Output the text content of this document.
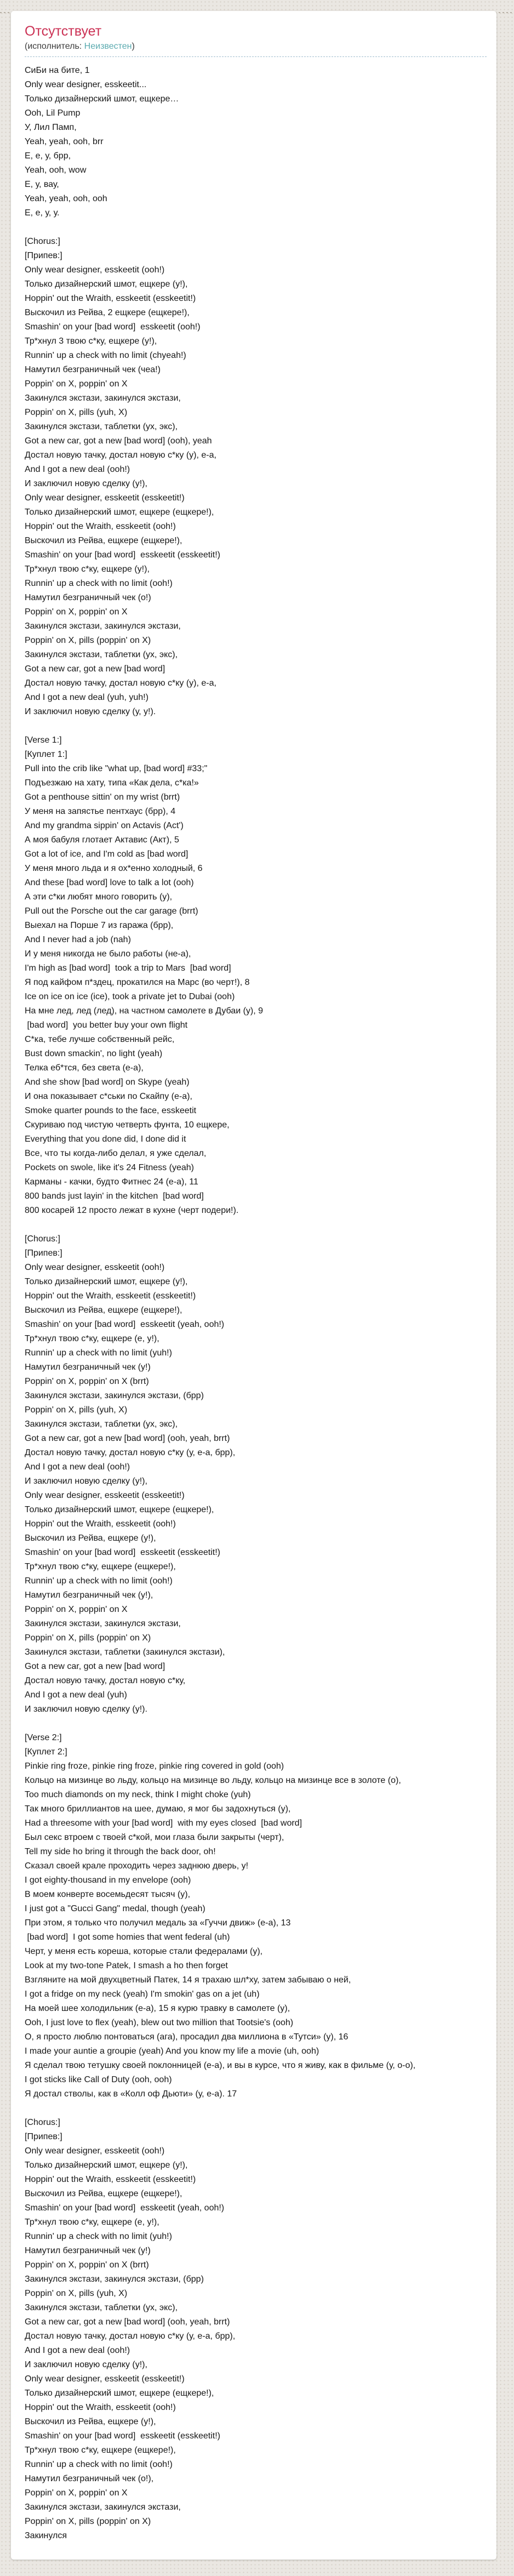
Отсутствует
(исполнитель: Неизвестен)
СиБи на бите, 1
Only wear designer, esskeetit...
Только дизайнерский шмот, ещкере…
Ooh, Lil Pump
У, Лил Памп,
Yeah, yeah, ooh, brr
Е, е, у, брр,
Yeah, ooh, wow
Е, у, вау,
Yeah, yeah, ooh, ooh
Е, е, у, у.
[Chorus:]
[Припев:]
Only wear designer, esskeetit (ooh!)
Только дизайнерский шмот, ещкере (у!),
Hoppin' out the Wraith, esskeetit (esskeetit!)
Выскочил из Рейва, 2 ещкере (ещкере!),
Smashin' on your [bad word]  esskeetit (ooh!)
Тр*хнул 3 твою с*ку, ещкере (у!),
Runnin' up a check with no limit (chyeah!)
Намутил безграничный чек (чеа!)
Poppin' on X, poppin' on X
Закинулся экстази, закинулся экстази,
Poppin' on X, pills (yuh, X)
Закинулся экстази, таблетки (ух, экс),
Got a new car, got a new [bad word] (ooh), yeah
Достал новую тачку, достал новую с*ку (у), е-а,
And I got a new deal (ooh!)
И заключил новую сделку (у!),
Only wear designer, esskeetit (esskeetit!)
Только дизайнерский шмот, ещкере (ещкере!),
Hoppin' out the Wraith, esskeetit (ooh!)
Выскочил из Рейва, ещкере (ещкере!),
Smashin' on your [bad word]  esskeetit (esskeetit!)
Тр*хнул твою с*ку, ещкере (у!),
Runnin' up a check with no limit (ooh!)
Намутил безграничный чек (о!)
Poppin' on X, poppin' on X
Закинулся экстази, закинулся экстази,
Poppin' on X, pills (poppin' on X)
Закинулся экстази, таблетки (ух, экс),
Got a new car, got a new [bad word]
Достал новую тачку, достал новую с*ку (у), е-а,
And I got a new deal (yuh, yuh!)
И заключил новую сделку (у, у!).
[Verse 1:]
[Куплет 1:]
Pull into the crib like "what up, [bad word] #33;"
Подъезжаю на хату, типа «Как дела, с*ка!»
Got a penthouse sittin' on my wrist (brrt)
У меня на запястье пентхаус (брр), 4
And my grandma sippin' on Actavis (Act')
А моя бабуля глотает Актавис (Акт), 5
Got a lot of ice, and I'm cold as [bad word]
У меня много льда и я ох*енно холодный, 6
And these [bad word] love to talk a lot (ooh)
А эти с*ки любят много говорить (у),
Pull out the Porsche out the car garage (brrt)
Выехал на Порше 7 из гаража (брр),
And I never had a job (nah)
И у меня никогда не было работы (не-а),
I'm high as [bad word]  took a trip to Mars  [bad word]
Я под кайфом п*здец, прокатился на Марс (во черт!), 8
Ice on ice on ice (ice), took a private jet to Dubai (ooh)
На мне лед, лед (лед), на частном самолете в Дубаи (у), 9
[bad word]  you better buy your own flight
С*ка, тебе лучше собственный рейс,
Bust down smackin', no light (yeah)
Телка еб*тся, без света (е-а),
And she show [bad word] on Skype (yeah)
И она показывает с*ськи по Скайпу (е-а),
Smoke quarter pounds to the face, esskeetit
Скуриваю под чистую четверть фунта, 10 ещкере,
Everything that you done did, I done did it
Все, что ты когда-либо делал, я уже сделал,
Pockets on swole, like it's 24 Fitness (yeah)
Карманы - качки, будто Фитнес 24 (е-а), 11
800 bands just layin' in the kitchen  [bad word]
800 косарей 12 просто лежат в кухне (черт подери!).
[Chorus:]
[Припев:]
Only wear designer, esskeetit (ooh!)
Только дизайнерский шмот, ещкере (у!),
Hoppin' out the Wraith, esskeetit (esskeetit!)
Выскочил из Рейва, ещкере (ещкере!),
Smashin' on your [bad word]  esskeetit (yeah, ooh!)
Тр*хнул твою с*ку, ещкере (е, у!),
Runnin' up a check with no limit (yuh!)
Намутил безграничный чек (у!)
Poppin' on X, poppin' on X (brrt)
Закинулся экстази, закинулся экстази, (брр)
Poppin' on X, pills (yuh, X)
Закинулся экстази, таблетки (ух, экс),
Got a new car, got a new [bad word] (ooh, yeah, brrt)
Достал новую тачку, достал новую с*ку (у, е-а, брр),
And I got a new deal (ooh!)
И заключил новую сделку (у!),
Only wear designer, esskeetit (esskeetit!)
Только дизайнерский шмот, ещкере (ещкере!),
Hoppin' out the Wraith, esskeetit (ooh!)
Выскочил из Рейва, ещкере (у!),
Smashin' on your [bad word]  esskeetit (esskeetit!)
Тр*хнул твою с*ку, ещкере (ещкере!),
Runnin' up a check with no limit (ooh!)
Намутил безграничный чек (у!),
Poppin' on X, poppin' on X
Закинулся экстази, закинулся экстази,
Poppin' on X, pills (poppin' on X)
Закинулся экстази, таблетки (закинулся экстази),
Got a new car, got a new [bad word]
Достал новую тачку, достал новую с*ку,
And I got a new deal (yuh)
И заключил новую сделку (у!).
[Verse 2:]
[Куплет 2:]
Pinkie ring froze, pinkie ring froze, pinkie ring covered in gold (ooh)
Кольцо на мизинце во льду, кольцо на мизинце во льду, кольцо на мизинце все в золоте (о),
Too much diamonds on my neck, think I might choke (yuh)
Так много бриллиантов на шее, думаю, я мог бы задохнуться (у),
Had a threesome with your [bad word]  with my eyes closed  [bad word]
Был секс втроем с твоей с*кой, мои глаза были закрыты (черт),
Tell my side ho bring it through the back door, oh!
Сказал своей крале проходить через заднюю дверь, у!
I got eighty-thousand in my envelope (ooh)
В моем конверте восемьдесят тысяч (у),
I just got a "Gucci Gang" medal, though (yeah)
При этом, я только что получил медаль за «Гуччи движ» (е-а), 13
[bad word]  I got some homies that went federal (uh)
Черт, у меня есть кореша, которые стали федералами (у),
Look at my two-tone Patek, I smash a ho then forget
Взгляните на мой двухцветный Патек, 14 я трахаю шл*ху, затем забываю о ней,
I got a fridge on my neck (yeah) I'm smokin' gas on a jet (uh)
На моей шее холодильник (е-а), 15 я курю травку в самолете (у),
Ooh, I just love to flex (yeah), blew out two million that Tootsie's (ooh)
О, я просто люблю понтоваться (ага), просадил два миллиона в «Тутси» (у), 16
I made your auntie a groupie (yeah) And you know my life a movie (uh, ooh)
Я сделал твою тетушку своей поклонницей (е-а), и вы в курсе, что я живу, как в фильме (у, о-о),
I got sticks like Call of Duty (ooh, ooh)
Я достал стволы, как в «Колл оф Дьюти» (у, е-а). 17
[Chorus:]
[Припев:]
Only wear designer, esskeetit (ooh!)
Только дизайнерский шмот, ещкере (у!),
Hoppin' out the Wraith, esskeetit (esskeetit!)
Выскочил из Рейва, ещкере (ещкере!),
Smashin' on your [bad word]  esskeetit (yeah, ooh!)
Тр*хнул твою с*ку, ещкере (е, у!),
Runnin' up a check with no limit (yuh!)
Намутил безграничный чек (у!)
Poppin' on X, poppin' on X (brrt)
Закинулся экстази, закинулся экстази, (брр)
Poppin' on X, pills (yuh, X)
Закинулся экстази, таблетки (ух, экс),
Got a new car, got a new [bad word] (ooh, yeah, brrt)
Достал новую тачку, достал новую с*ку (у, е-а, брр),
And I got a new deal (ooh!)
И заключил новую сделку (у!),
Only wear designer, esskeetit (esskeetit!)
Только дизайнерский шмот, ещкере (ещкере!),
Hoppin' out the Wraith, esskeetit (ooh!)
Выскочил из Рейва, ещкере (у!),
Smashin' on your [bad word]  esskeetit (esskeetit!)
Тр*хнул твою с*ку, ещкере (ещкере!),
Runnin' up a check with no limit (ooh!)
Намутил безграничный чек (о!),
Poppin' on X, poppin' on X
Закинулся экстази, закинулся экстази,
Poppin' on X, pills (poppin' on X)
Закинулся
